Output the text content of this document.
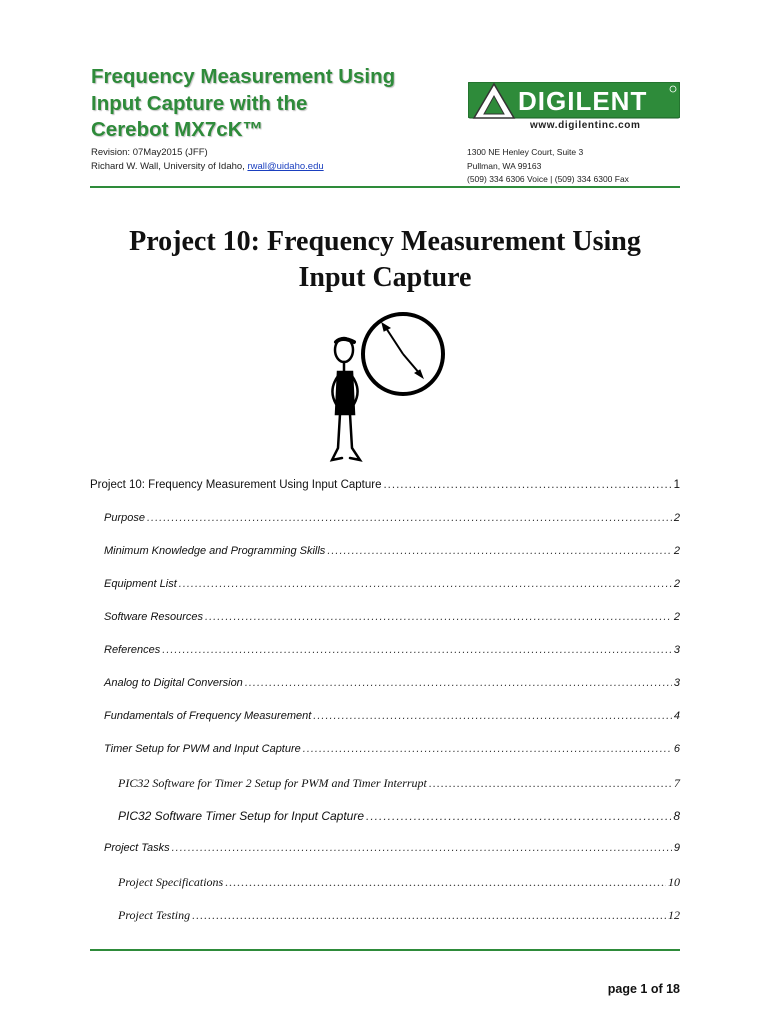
Frequency Measurement Using
Input Capture with the
Cerebot MX7cK™
Revision: 07May2015 (JFF)
Richard W. Wall, University of Idaho, rwall@uidaho.edu
DIGILENT
www.digilentinc.com
1300 NE Henley Court, Suite 3
Pullman, WA 99163
(509) 334 6306 Voice | (509) 334 6300 Fax
Project 10: Frequency Measurement Using
Input Capture
Project 10: Frequency Measurement Using Input Capture .....	1
Purpose .....	2
Minimum Knowledge and Programming Skills .....	2
Equipment List .....	2
Software Resources .....	2
References .....	3
Analog to Digital Conversion .....	3
Fundamentals of Frequency Measurement .....	4
Timer Setup for PWM and Input Capture .....	6
PIC32 Software for Timer 2 Setup for PWM and Timer Interrupt .....	7
PIC32 Software Timer Setup for Input Capture .....	8
Project Tasks .....	9
Project Specifications .....	10
Project Testing .....	12
page 1 of 18
